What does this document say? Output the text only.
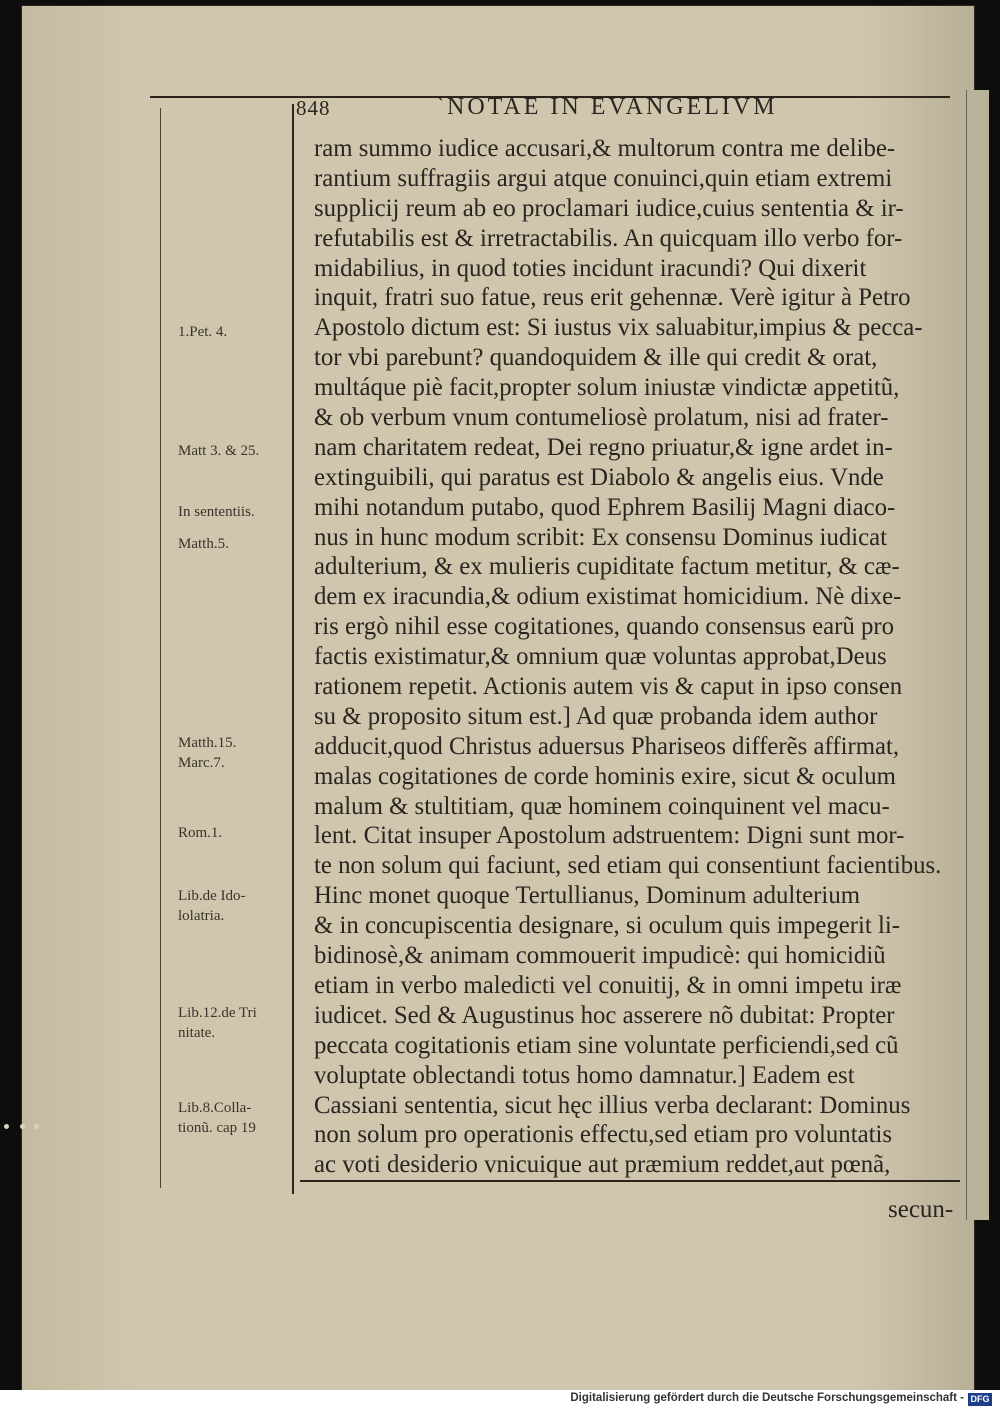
848	`NOTAE IN EVANGELIVM
ram summo iudice accusari,& multorum contra me delibe-
rantium suffragiis argui atque conuinci,quin etiam extremi
supplicij reum ab eo proclamari iudice,cuius sententia & ir-
refutabilis est & irretractabilis. An quicquam illo verbo for-
midabilius, in quod toties incidunt iracundi? Qui dixerit
inquit, fratri suo fatue, reus erit gehennæ. Verè igitur à Petro
Apostolo dictum est: Si iustus vix saluabitur,impius & pecca-
tor vbi parebunt? quandoquidem & ille qui credit & orat,
multáque piè facit,propter solum iniustæ vindictæ appetitũ,
& ob verbum vnum contumeliosè prolatum, nisi ad frater-
nam charitatem redeat, Dei regno priuatur,& igne ardet in-
extinguibili, qui paratus est Diabolo & angelis eius. Vnde
mihi notandum putabo, quod Ephrem Basilij Magni diaco-
nus in hunc modum scribit: Ex consensu Dominus iudicat
adulterium, & ex mulieris cupiditate factum metitur, & cæ-
dem ex iracundia,& odium existimat homicidium. Nè dixe-
ris ergò nihil esse cogitationes, quando consensus earũ pro
factis existimatur,& omnium quæ voluntas approbat,Deus
rationem repetit. Actionis autem vis & caput in ipso consen
su & proposito situm est.] Ad quæ probanda idem author
adducit,quod Christus aduersus Phariseos differẽs affirmat,
malas cogitationes de corde hominis exire, sicut & oculum
malum & stultitiam, quæ hominem coinquinent vel macu-
lent. Citat insuper Apostolum adstruentem: Digni sunt mor-
te non solum qui faciunt, sed etiam qui consentiunt facientibus.
Hinc monet quoque Tertullianus, Dominum adulterium
& in concupiscentia designare, si oculum quis impegerit li-
bidinosè,& animam commouerit impudicè: qui homicidiũ
etiam in verbo maledicti vel conuitij, & in omni impetu iræ
iudicet. Sed & Augustinus hoc asserere nõ dubitat: Propter
peccata cogitationis etiam sine voluntate perficiendi,sed cũ
voluptate oblectandi totus homo damnatur.] Eadem est
Cassiani sententia, sicut hęc illius verba declarant: Dominus
non solum pro operationis effectu,sed etiam pro voluntatis
ac voti desiderio vnicuique aut præmium reddet,aut pœnã,
1.Pet. 4.
Matt 3. & 25.
In sententiis.
Matth.5.
Matth.15.
Marc.7.
Rom.1.
Lib.de Ido-
lolatria.
Lib.12.de Tri
nitate.
Lib.8.Colla-
tionũ. cap 19
secun-
Digitalisierung gefördert durch die Deutsche Forschungsgemeinschaft - DFG
